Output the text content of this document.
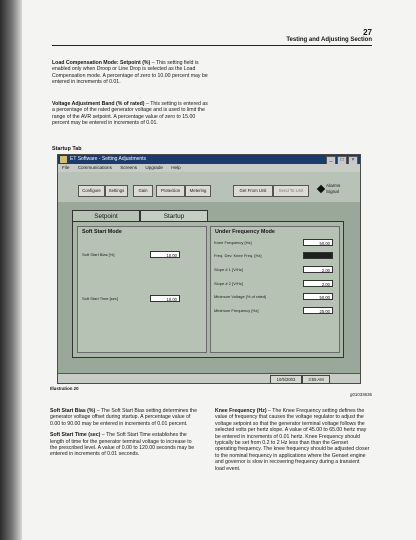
27
Testing and Adjusting Section
Load Compensation Mode: Setpoint (%) – This setting field is enabled only when Droop or Line Drop is selected as the Load Compensation mode. A percentage of zero to 10.00 percent may be entered in increments of 0.01.
Voltage Adjustment Band (% of rated) – This setting is entered as a percentage of the rated generator voltage and is used to limit the range of the AVR setpoint. A percentage value of zero to 15.00 percent may be entered in increments of 0.01.
Startup Tab
ET Software - Setting Adjustments	_	□	×
File Communications Screens Upgrade Help
Configure	Settings	Gain	Protection	Metering	Get From Unit	Send To Unit
Alarms Signal
Setpoint	Startup
Soft Start Mode
Soft Start Bias [%]	10.00
Soft Start Time [sec]	10.00
Under Frequency Mode
Knee Frequency [Hz]	50.00
Freq. Dev. Knee Freq. [Hz]
Slope # 1 [V/Hz]	2.00
Slope # 2 [V/Hz]	2.00
Minimum Voltage [% of rated]	50.00
Minimum Frequency [Hz]	25.00
10/5/2003	3:55 AM
Illustration 20
g01033636
Soft Start Bias (%) – The Soft Start Bias setting determines the generator voltage offset during startup. A percentage value of 0.00 to 90.00 may be entered in increments of 0.01 percent.
Soft Start Time (sec) – The Soft Start Time establishes the length of time for the generator terminal voltage to increase to the prescribed level. A value of 0.00 to 120.00 seconds may be entered in increments of 0.01 seconds.
Knee Frequency (Hz) – The Knee Frequency setting defines the value of frequency that causes the voltage regulator to adjust the voltage setpoint so that the generator terminal voltage follows the selected volts per hertz slope. A value of 45.00 to 65.00 hertz may be entered in increments of 0.01 hertz. Knee Frequency should typically be set from 0.2 to 2 Hz less than than the Genset operating frequency. The knee frequency should be adjusted closer to the nominal frequency in applications where the Genset engine and governor is slow in recovering frequency during a transient load event.
